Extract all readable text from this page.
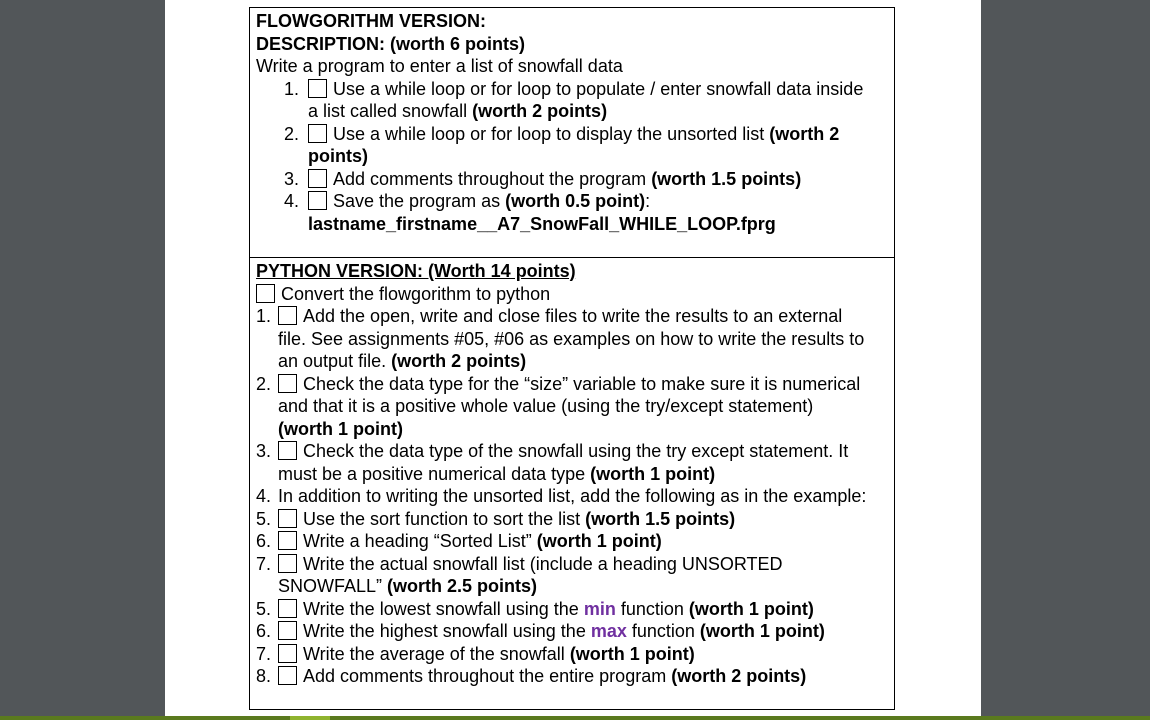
FLOWGORITHM VERSION:
DESCRIPTION: (worth 6 points)
Write a program to enter a list of snowfall data
1.	Use a while loop or for loop to populate / enter snowfall data inside
a list called snowfall (worth 2 points)
2.	Use a while loop or for loop to display the unsorted list (worth 2
points)
3.	Add comments throughout the program (worth 1.5 points)
4.	Save the program as (worth 0.5 point):
lastname_firstname__A7_SnowFall_WHILE_LOOP.fprg
PYTHON VERSION: (Worth 14 points)
Convert the flowgorithm to python
1.	Add the open, write and close files to write the results to an external
file. See assignments #05, #06 as examples on how to write the results to
an output file. (worth 2 points)
2.	Check the data type for the “size” variable to make sure it is numerical
and that it is a positive whole value (using the try/except statement)
(worth 1 point)
3.	Check the data type of the snowfall using the try except statement. It
must be a positive numerical data type (worth 1 point)
4. In addition to writing the unsorted list, add the following as in the example:
5.	Use the sort function to sort the list (worth 1.5 points)
6.	Write a heading “Sorted List” (worth 1 point)
7.	Write the actual snowfall list (include a heading UNSORTED
SNOWFALL” (worth 2.5 points)
5.	Write the lowest snowfall using the min function (worth 1 point)
6.	Write the highest snowfall using the max function (worth 1 point)
7.	Write the average of the snowfall (worth 1 point)
8.	Add comments throughout the entire program (worth 2 points)
